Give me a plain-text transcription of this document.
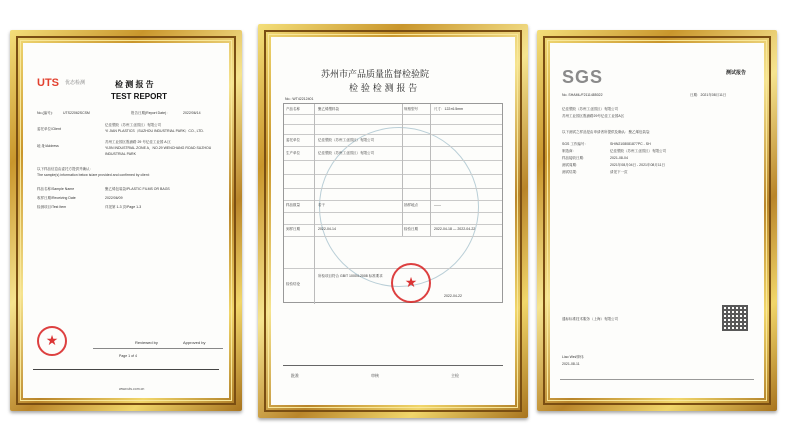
UTS 优态检测	检 测 报 告
TEST REPORT
No.(编号)： UTS22062SCSM	报告日期(Report Date)：	2022/06/14
委托单位/Client
亿佳塑胶（苏州工业园区）有限公司
YI JIAN PLASTICS（SUZHOU INDUSTRIAL PARK）CO., LTD.
地 址/Address
苏州工业园区胜浦路 29 号亿佳工业园 A 区
YIJIN INDUSTRIAL ZONE A，NO.29 WENCHANG ROAD SUZHOU
INDUSTRIAL PARK
以下样品信息由委托方提供并确认：
The sample(s) information below is/are provided and confirmed by client：
样品名称/Sample Name	聚乙烯包装袋/PLASTIC FILMS OR BAGS
收样日期/Receiving Date	2022/06/09
检测项目/Test Item	详见第 1-3 页/Page 1-3
★	Reviewed by	Approved by
Page 1 of 4
www.uts.com.cn
苏州市产品质量监督检验院
检 验 检 测 报 告
No.: WT42212401
产品名称	聚乙烯塑料袋	规格型号	尺寸：122×6.5mm
委托单位	亿佳塑胶（苏州工业园区）有限公司
生产单位	亿佳塑胶（苏州工业园区）有限公司
样品数量	若干	抽样地点	——
到样日期	2022-04-14	检验日期	2022-04-18 — 2022-04-22
检验结论
所检项目符合 GB/T 10004-2008 标准要求
2022-04-22
★
批准	审核	主检
SGS	测试报告
No. SHAML/F2111485022	日期：2021年08月11日
亿佳塑胶（苏州工业园区）有限公司
苏州工业园区胜浦路29号亿佳工业园A区
以下测试之样品是由申请者所提供及确认：聚乙烯包装袋
SGS 工作编号：	SHIN2108081877PC - SH
制造商：	亿佳塑胶（苏州工业园区）有限公司
样品接收日期：	2021-08-04
测试周期：	2021年08月04日 - 2021年08月11日
测试结果：	请见下一页
通标标准技术服务（上海）有限公司
Liao Wei/廖伟
2021-08-11
